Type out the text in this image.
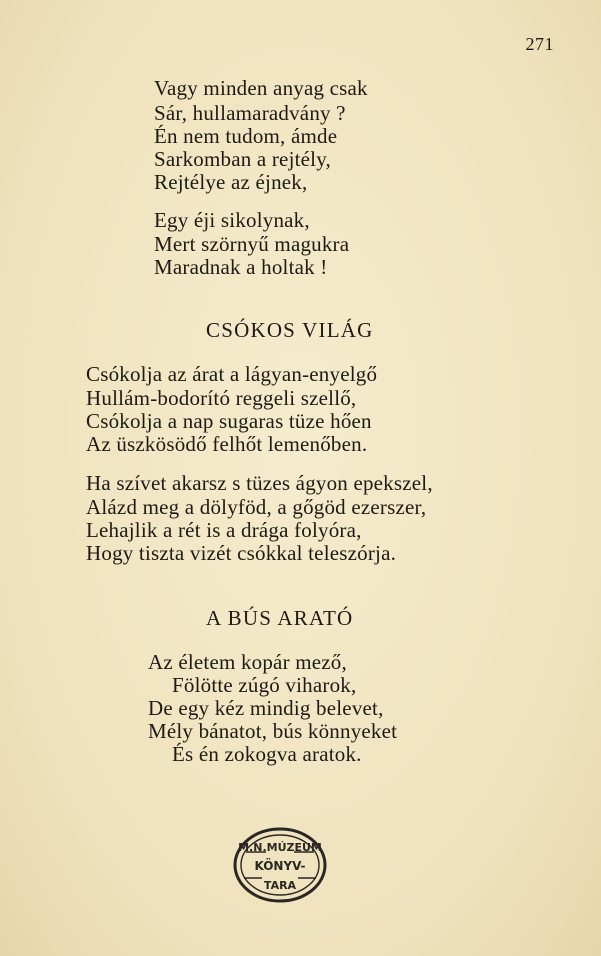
271
Vagy minden anyag csak
Sár, hullamaradvány ?
Én nem tudom, ámde
Sarkomban a rejtély,
Rejtélye az éjnek,
Egy éji sikolynak,
Mert szörnyű magukra
Maradnak a holtak !
CSÓKOS VILÁG
Csókolja az árat a lágyan-enyelgő
Hullám-bodorító reggeli szellő,
Csókolja a nap sugaras tüze hően
Az üszkösödő felhőt lemenőben.
Ha szívet akarsz s tüzes ágyon epekszel,
Alázd meg a dölyföd, a gőgöd ezerszer,
Lehajlik a rét is a drága folyóra,
Hogy tiszta vizét csókkal teleszórja.
A BÚS ARATÓ
Az életem kopár mező,
Fölötte zúgó viharok,
De egy kéz mindig belevet,
Mély bánatot, bús könnyeket
És én zokogva aratok.
M.N.MÚZEUM
KÖNYV-
TARA
